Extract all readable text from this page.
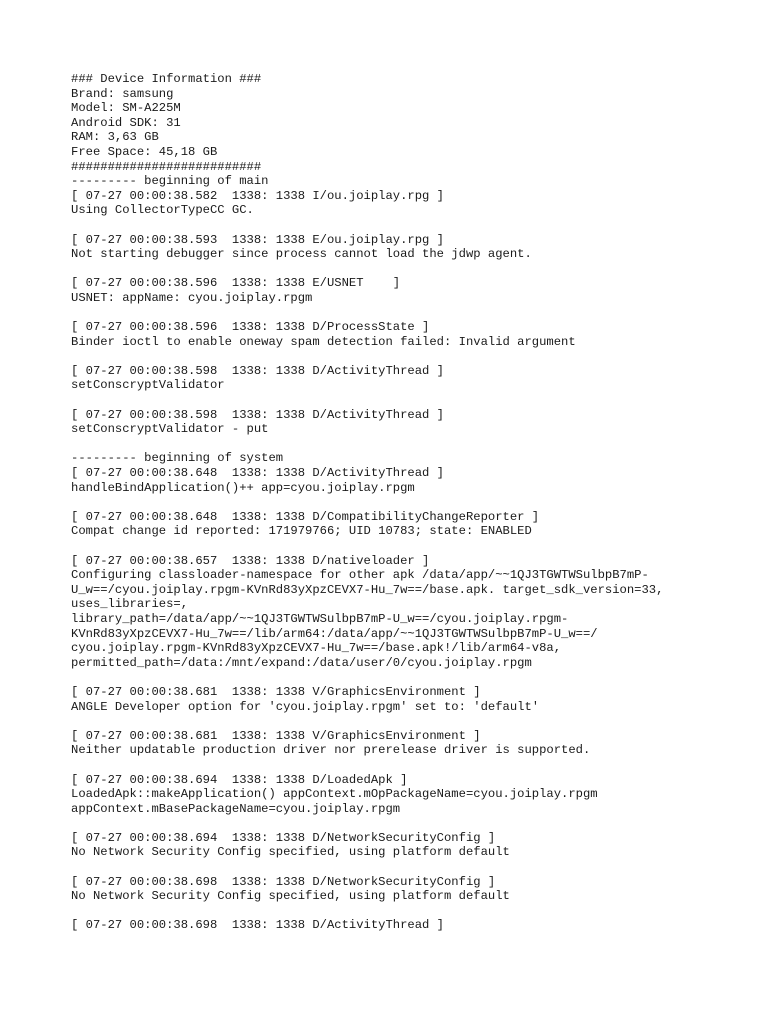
### Device Information ###
Brand: samsung
Model: SM-A225M
Android SDK: 31
RAM: 3,63 GB
Free Space: 45,18 GB
##########################
--------- beginning of main
[ 07-27 00:00:38.582  1338: 1338 I/ou.joiplay.rpg ]
Using CollectorTypeCC GC.
[ 07-27 00:00:38.593  1338: 1338 E/ou.joiplay.rpg ]
Not starting debugger since process cannot load the jdwp agent.
[ 07-27 00:00:38.596  1338: 1338 E/USNET    ]
USNET: appName: cyou.joiplay.rpgm
[ 07-27 00:00:38.596  1338: 1338 D/ProcessState ]
Binder ioctl to enable oneway spam detection failed: Invalid argument
[ 07-27 00:00:38.598  1338: 1338 D/ActivityThread ]
setConscryptValidator
[ 07-27 00:00:38.598  1338: 1338 D/ActivityThread ]
setConscryptValidator - put
--------- beginning of system
[ 07-27 00:00:38.648  1338: 1338 D/ActivityThread ]
handleBindApplication()++ app=cyou.joiplay.rpgm
[ 07-27 00:00:38.648  1338: 1338 D/CompatibilityChangeReporter ]
Compat change id reported: 171979766; UID 10783; state: ENABLED
[ 07-27 00:00:38.657  1338: 1338 D/nativeloader ]
Configuring classloader-namespace for other apk /data/app/~~1QJ3TGWTWSulbpB7mP-
U_w==/cyou.joiplay.rpgm-KVnRd83yXpzCEVX7-Hu_7w==/base.apk. target_sdk_version=33,
uses_libraries=,
library_path=/data/app/~~1QJ3TGWTWSulbpB7mP-U_w==/cyou.joiplay.rpgm-
KVnRd83yXpzCEVX7-Hu_7w==/lib/arm64:/data/app/~~1QJ3TGWTWSulbpB7mP-U_w==/
cyou.joiplay.rpgm-KVnRd83yXpzCEVX7-Hu_7w==/base.apk!/lib/arm64-v8a,
permitted_path=/data:/mnt/expand:/data/user/0/cyou.joiplay.rpgm
[ 07-27 00:00:38.681  1338: 1338 V/GraphicsEnvironment ]
ANGLE Developer option for 'cyou.joiplay.rpgm' set to: 'default'
[ 07-27 00:00:38.681  1338: 1338 V/GraphicsEnvironment ]
Neither updatable production driver nor prerelease driver is supported.
[ 07-27 00:00:38.694  1338: 1338 D/LoadedApk ]
LoadedApk::makeApplication() appContext.mOpPackageName=cyou.joiplay.rpgm
appContext.mBasePackageName=cyou.joiplay.rpgm
[ 07-27 00:00:38.694  1338: 1338 D/NetworkSecurityConfig ]
No Network Security Config specified, using platform default
[ 07-27 00:00:38.698  1338: 1338 D/NetworkSecurityConfig ]
No Network Security Config specified, using platform default
[ 07-27 00:00:38.698  1338: 1338 D/ActivityThread ]
